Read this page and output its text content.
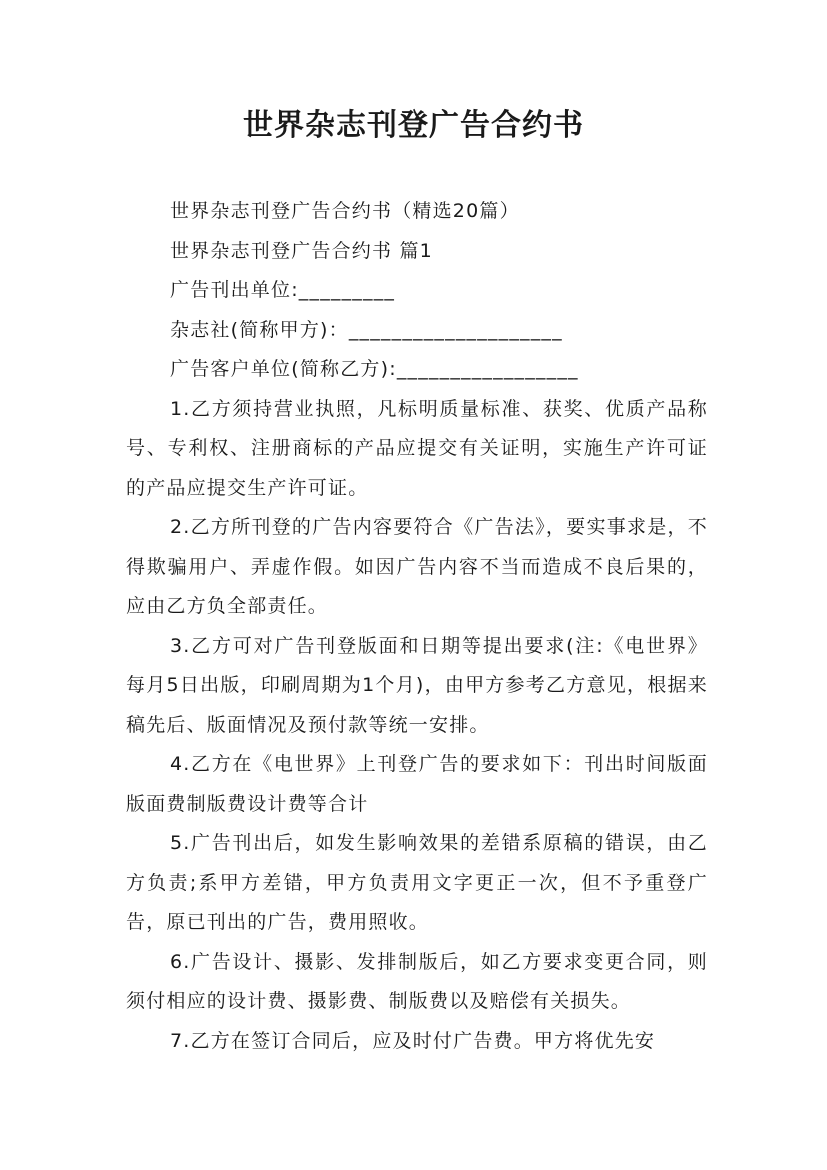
世界杂志刊登广告合约书

世界杂志刊登广告合约书（精选20篇）

世界杂志刊登广告合约书 篇1

广告刊出单位:_________

杂志社(简称甲方)：____________________

广告客户单位(简称乙方):_________________

1.乙方须持营业执照，凡标明质量标准、获奖、优质产品称号、专利权、注册商标的产品应提交有关证明，实施生产许可证的产品应提交生产许可证。

2.乙方所刊登的广告内容要符合《广告法》，要实事求是，不得欺骗用户、弄虚作假。如因广告内容不当而造成不良后果的，应由乙方负全部责任。

3.乙方可对广告刊登版面和日期等提出要求(注:《电世界》每月5日出版，印刷周期为1个月)，由甲方参考乙方意见，根据来稿先后、版面情况及预付款等统一安排。

4.乙方在《电世界》上刊登广告的要求如下：刊出时间版面版面费制版费设计费等合计

5.广告刊出后，如发生影响效果的差错系原稿的错误，由乙方负责;系甲方差错，甲方负责用文字更正一次，但不予重登广告，原已刊出的广告，费用照收。

6.广告设计、摄影、发排制版后，如乙方要求变更合同，则须付相应的设计费、摄影费、制版费以及赔偿有关损失。

7.乙方在签订合同后，应及时付广告费。甲方将优先安
